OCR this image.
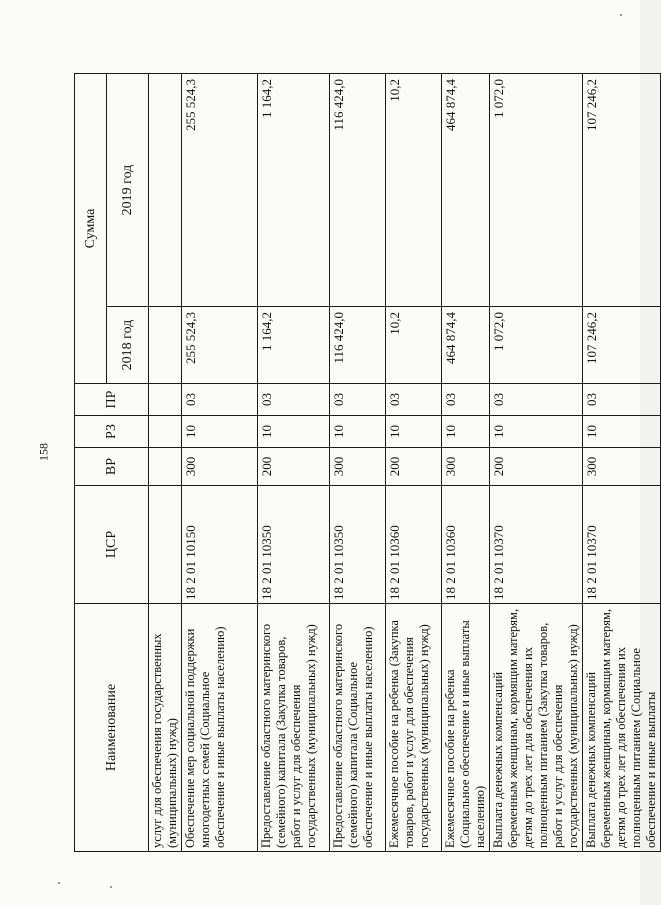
158
Наименование	ЦСР	ВР	РЗ	ПР	Сумма	
					2018 год	2019 год
услуг для обеспечения государственных (муниципальных) нужд)						
Обеспечение мер социальной поддержки многодетных семей (Социальное обеспечение и иные выплаты населению)	18 2 01 10150	300	10	03	255 524,3	255 524,3
Предоставление областного материнского (семейного) капитала (Закупка товаров, работ и услуг для обеспечения государственных (муниципальных) нужд)	18 2 01 10350	200	10	03	1 164,2	1 164,2
Предоставление областного материнского (семейного) капитала (Социальное обеспечение и иные выплаты населению)	18 2 01 10350	300	10	03	116 424,0	116 424,0
Ежемесячное пособие на ребенка (Закупка товаров, работ и услуг для обеспечения государственных (муниципальных) нужд)	18 2 01 10360	200	10	03	10,2	10,2
Ежемесячное пособие на ребенка (Социальное обеспечение и иные выплаты населению)	18 2 01 10360	300	10	03	464 874,4	464 874,4
Выплата денежных компенсаций беременным женщинам, кормящим матерям, детям до трех лет для обеспечения их полноценным питанием (Закупка товаров, работ и услуг для обеспечения государственных (муниципальных) нужд)	18 2 01 10370	200	10	03	1 072,0	1 072,0
Выплата денежных компенсаций беременным женщинам, кормящим матерям, детям до трех лет для обеспечения их полноценным питанием (Социальное обеспечение и иные выплаты	18 2 01 10370	300	10	03	107 246,2	107 246,2
